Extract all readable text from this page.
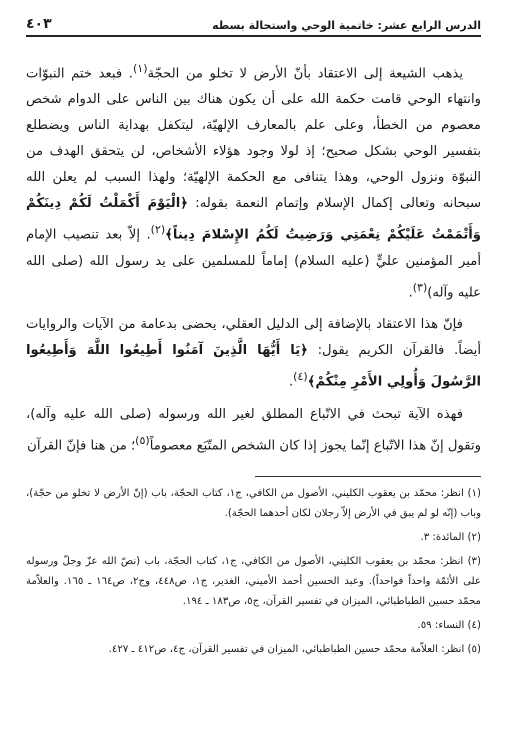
الدرس الرابع عشر: خاتمية الوحي واستحالة بسطه
٤٠٣

يذهب الشيعة إلى الاعتقاد بأنّ الأرض لا تخلو من الحجّة$^{(١)}$. فبعد ختم النبوّات وانتهاء الوحي قامت حكمة الله على أن يكون هناك بين الناس على الدوام شخص معصوم من الخطأ، وعلى علم بالمعارف الإلهيّة، ليتكفل بهداية الناس ويضطلع بتفسير الوحي بشكل صحيح؛ إذ لولا وجود هؤلاء الأشخاص، لن يتحقق الهدف من النبوّة ونزول الوحي، وهذا يتنافى مع الحكمة الإلهيّة؛ ولهذا السبب لم يعلن الله سبحانه وتعالى إكمال الإسلام وإتمام النعمة بقوله: ﴿الْيَوْمَ أَكْمَلْتُ لَكُمْ دِينَكُمْ وَأَتْمَمْتُ عَلَيْكُمْ نِعْمَتِي وَرَضِيتُ لَكُمُ الإِسْلامَ دِيناً﴾$^{(٢)}$. إلاّ بعد تنصيب الإمام أمير المؤمنين عليٍّ (عليه السلام) إماماً للمسلمين على يد رسول الله (صلى الله عليه وآله)$^{(٣)}$.

فإنّ هذا الاعتقاد بالإضافة إلى الدليل العقلي، يحضى بدعامة من الآيات والروايات أيضاً. فالقرآن الكريم يقول: ﴿يَا أَيُّهَا الَّذِينَ آمَنُوا أَطِيعُوا اللَّهَ وَأَطِيعُوا الرَّسُولَ وَأُولِي الأَمْرِ مِنْكُمْ﴾$^{(٤)}$.

فهذه الآية تبحث في الاتّباع المطلق لغير الله ورسوله (صلى الله عليه وآله)، وتقول إنّ هذا الاتّباع إنّما يجوز إذا كان الشخص المتّبَع معصوماً$^{(٥)}$؛ من هنا فإنّ القرآن

(١) انظر: محمّد بن يعقوب الكليني، الأصول من الكافي، ج١، كتاب الحجّة، باب (إنّ الأرض لا تخلو من حجّة)، وباب (إنّه لو لم يبق في الأرض إلاّ رجلان لكان أحدهما الحجّة).
(٢) المائدة: ٣.
(٣) انظر: محمّد بن يعقوب الكليني، الأصول من الكافي، ج١، كتاب الحجّة، باب (نصّ الله عزّ وجلّ ورسوله على الأئمّة واحداً فواحداً). وعبد الحسين أحمد الأميني، الغدير، ج١، ص٤٤٨، وج٢، ص١٦٤ ـ ١٦٥. والعلاّمة محمّد حسين الطباطبائي، الميزان في تفسير القرآن، ج٥، ص١٨٣ ـ ١٩٤.
(٤) النساء: ٥٩.
(٥) انظر: العلاّمة محمّد حسين الطباطبائي، الميزان في تفسير القرآن، ج٤، ص٤١٢ ـ ٤٢٧.
